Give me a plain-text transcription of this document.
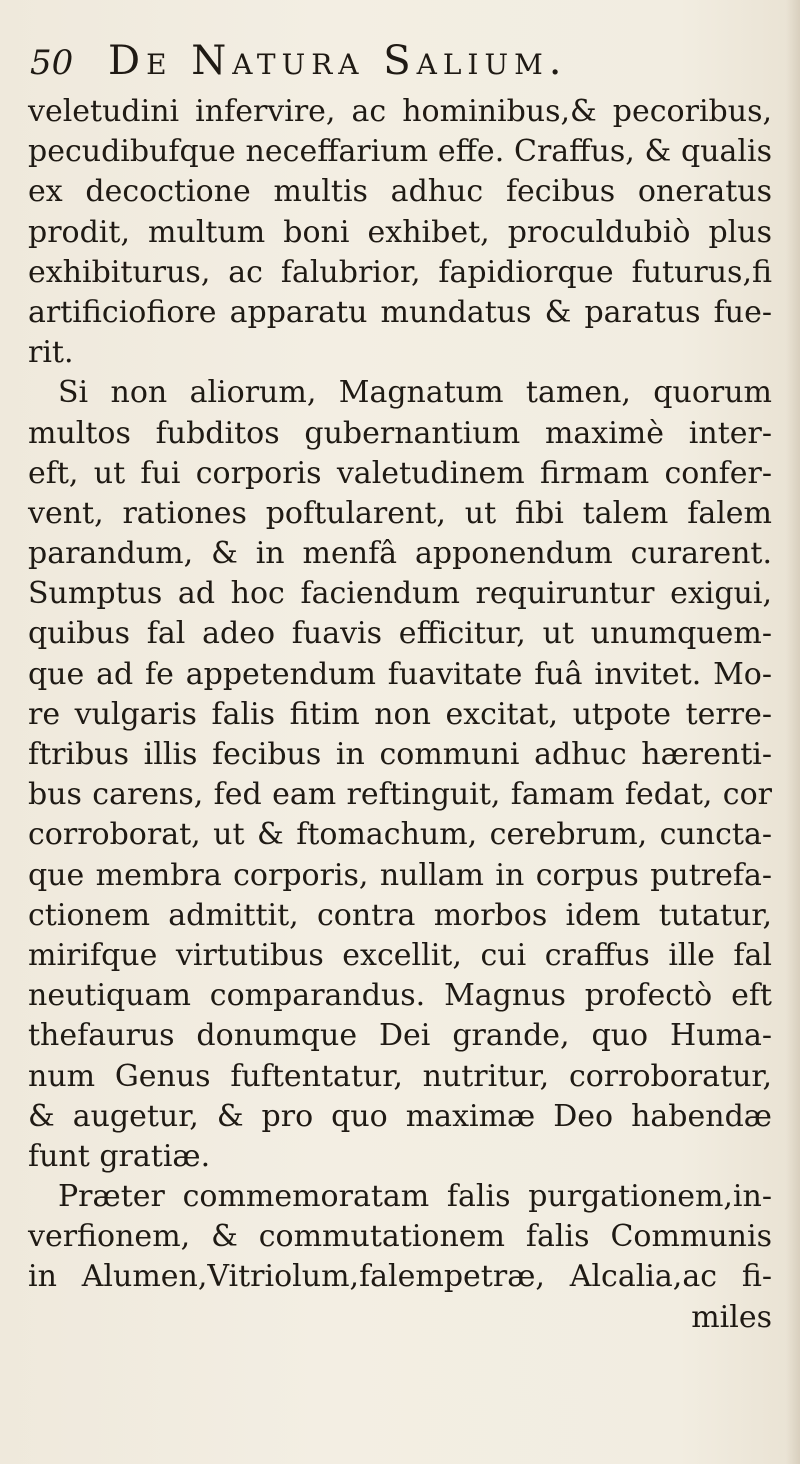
50 De Natura Salium.
veletudini infervire, ac hominibus,& pecoribus,
pecudibufque neceffarium effe. Craffus, & qualis
ex decoctione multis adhuc fecibus oneratus
prodit, multum boni exhibet, proculdubiò plus
exhibiturus, ac falubrior, fapidiorque futurus,fi
artificiofiore apparatu mundatus & paratus fue-
rit.
Si non aliorum, Magnatum tamen, quorum
multos fubditos gubernantium maximè inter-
eft, ut fui corporis valetudinem firmam confer-
vent, rationes poftularent, ut fibi talem falem
parandum, & in menfâ apponendum curarent.
Sumptus ad hoc faciendum requiruntur exigui,
quibus fal adeo fuavis efficitur, ut unumquem-
que ad fe appetendum fuavitate fuâ invitet. Mo-
re vulgaris falis fitim non excitat, utpote terre-
ftribus illis fecibus in communi adhuc hærenti-
bus carens, fed eam reftinguit, famam fedat, cor
corroborat, ut & ftomachum, cerebrum, cuncta-
que membra corporis, nullam in corpus putrefa-
ctionem admittit, contra morbos idem tutatur,
mirifque virtutibus excellit, cui craffus ille fal
neutiquam comparandus. Magnus profectò eft
thefaurus donumque Dei grande, quo Huma-
num Genus fuftentatur, nutritur, corroboratur,
& augetur, & pro quo maximæ Deo habendæ
funt gratiæ.
Præter commemoratam falis purgationem,in-
verfionem, & commutationem falis Communis
in Alumen,Vitriolum,falempetræ, Alcalia,ac fi-
miles
